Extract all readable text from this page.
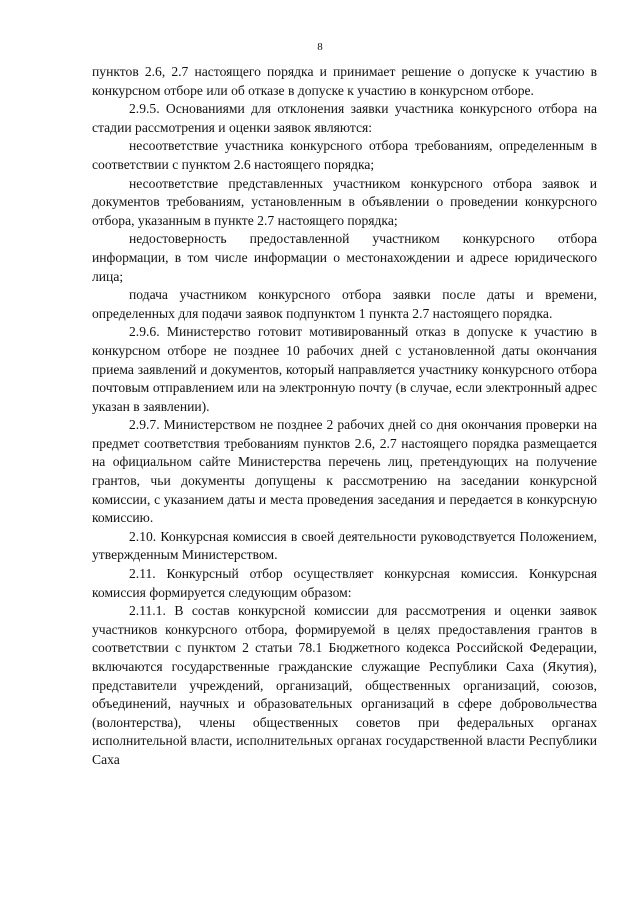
8

пунктов 2.6, 2.7 настоящего порядка и принимает решение о допуске к участию в конкурсном отборе или об отказе в допуске к участию в конкурсном отборе.

2.9.5. Основаниями для отклонения заявки участника конкурсного отбора на стадии рассмотрения и оценки заявок являются:

несоответствие участника конкурсного отбора требованиям, определенным в соответствии с пунктом 2.6 настоящего порядка;

несоответствие представленных участником конкурсного отбора заявок и документов требованиям, установленным в объявлении о проведении конкурсного отбора, указанным в пункте 2.7 настоящего порядка;

недостоверность предоставленной участником конкурсного отбора информации, в том числе информации о местонахождении и адресе юридического лица;

подача участником конкурсного отбора заявки после даты и времени, определенных для подачи заявок подпунктом 1 пункта 2.7 настоящего порядка.

2.9.6. Министерство готовит мотивированный отказ в допуске к участию в конкурсном отборе не позднее 10 рабочих дней с установленной даты окончания приема заявлений и документов, который направляется участнику конкурсного отбора почтовым отправлением или на электронную почту (в случае, если электронный адрес указан в заявлении).

2.9.7. Министерством не позднее 2 рабочих дней со дня окончания проверки на предмет соответствия требованиям пунктов 2.6, 2.7 настоящего порядка размещается на официальном сайте Министерства перечень лиц, претендующих на получение грантов, чьи документы допущены к рассмотрению на заседании конкурсной комиссии, с указанием даты и места проведения заседания и передается в конкурсную комиссию.

2.10. Конкурсная комиссия в своей деятельности руководствуется Положением, утвержденным Министерством.

2.11. Конкурсный отбор осуществляет конкурсная комиссия. Конкурсная комиссия формируется следующим образом:

2.11.1. В состав конкурсной комиссии для рассмотрения и оценки заявок участников конкурсного отбора, формируемой в целях предоставления грантов в соответствии с пунктом 2 статьи 78.1 Бюджетного кодекса Российской Федерации, включаются государственные гражданские служащие Республики Саха (Якутия), представители учреждений, организаций, общественных организаций, союзов, объединений, научных и образовательных организаций в сфере добровольчества (волонтерства), члены общественных советов при федеральных органах исполнительной власти, исполнительных органах государственной власти Республики Саха
